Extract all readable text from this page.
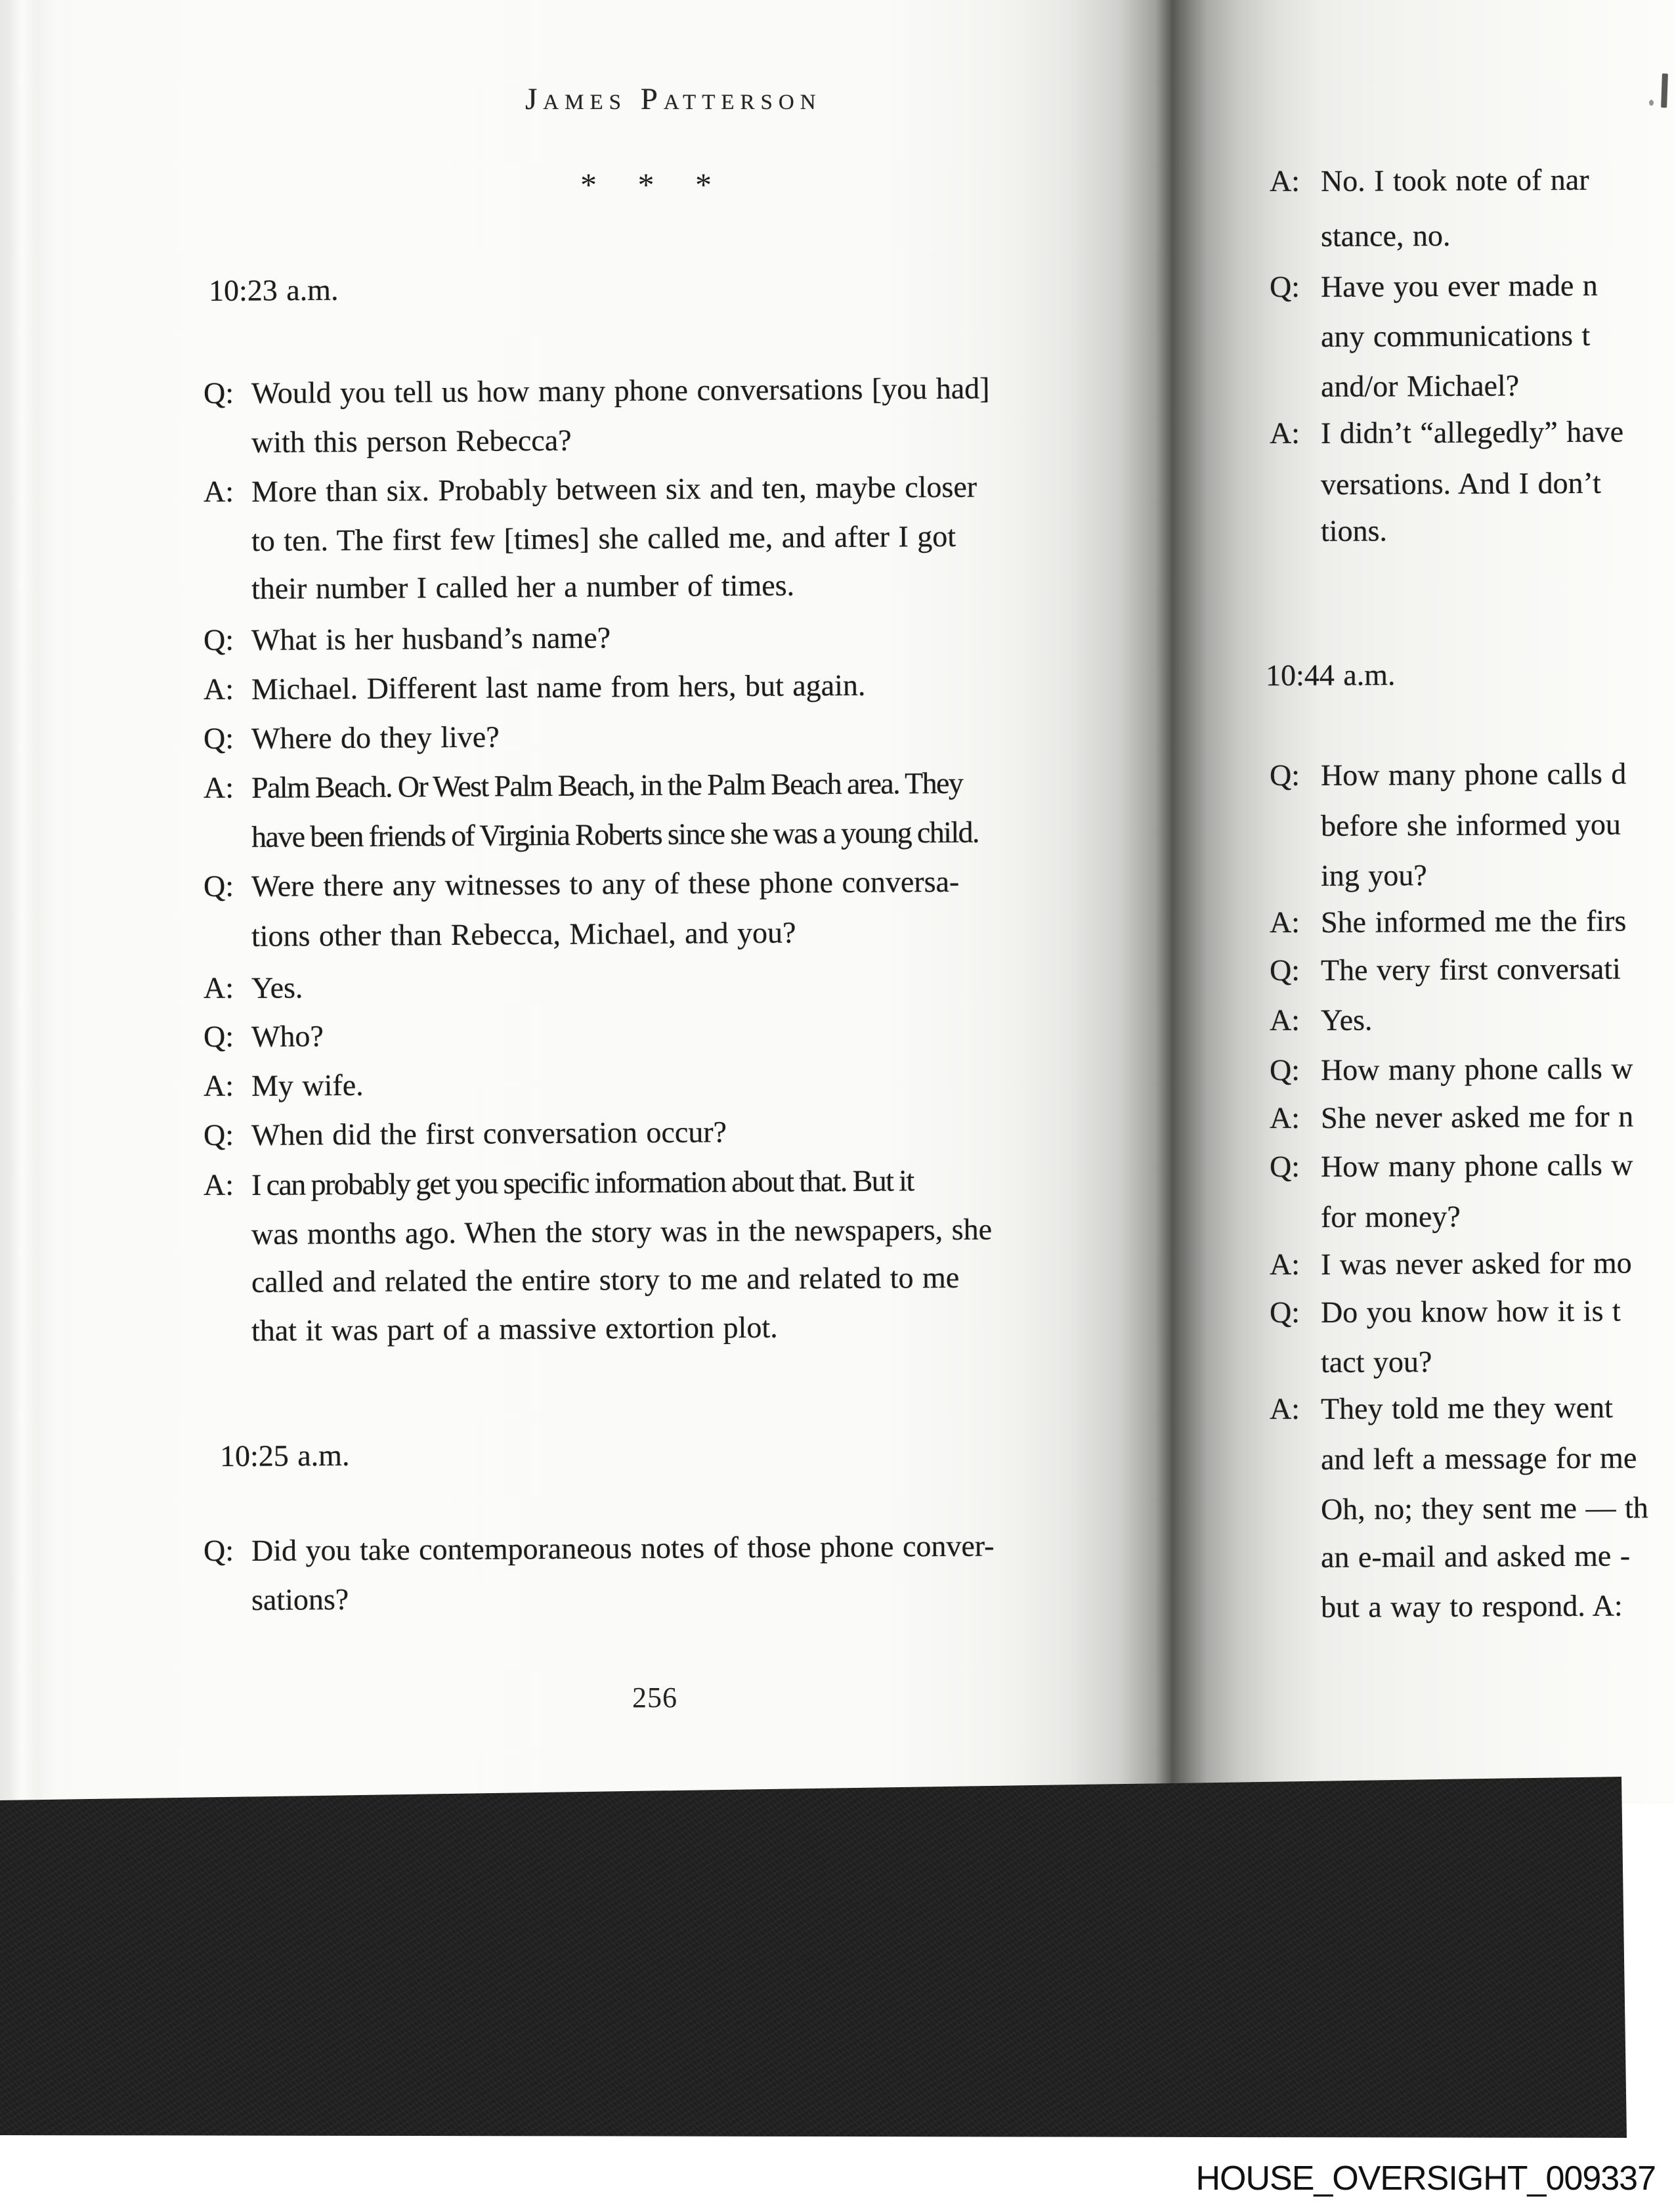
James Patterson
* * *
10:23 a.m.
Q: Would you tell us how many phone conversations [you had]
with this person Rebecca?
A: More than six. Probably between six and ten, maybe closer
to ten. The first few [times] she called me, and after I got
their number I called her a number of times.
Q: What is her husband’s name?
A: Michael. Different last name from hers, but again.
Q: Where do they live?
A: Palm Beach. Or West Palm Beach, in the Palm Beach area. They
have been friends of Virginia Roberts since she was a young child.
Q: Were there any witnesses to any of these phone conversa-
tions other than Rebecca, Michael, and you?
A: Yes.
Q: Who?
A: My wife.
Q: When did the first conversation occur?
A: I can probably get you specific information about that. But it
was months ago. When the story was in the newspapers, she
called and related the entire story to me and related to me
that it was part of a massive extortion plot.
10:25 a.m.
Q: Did you take contemporaneous notes of those phone conver-
sations?
256
A: No. I took note of nar
stance, no.
Q: Have you ever made n
any communications t
and/or Michael?
A: I didn’t “allegedly” have
versations. And I don’t
tions.
10:44 a.m.
Q: How many phone calls d
before she informed you
ing you?
A: She informed me the firs
Q: The very first conversati
A: Yes.
Q: How many phone calls w
A: She never asked me for n
Q: How many phone calls w
for money?
A: I was never asked for mo
Q: Do you know how it is t
tact you?
A: They told me they went
and left a message for me
Oh, no; they sent me — th
an e-mail and asked me -
but a way to respond. A:
HOUSE_OVERSIGHT_009337
